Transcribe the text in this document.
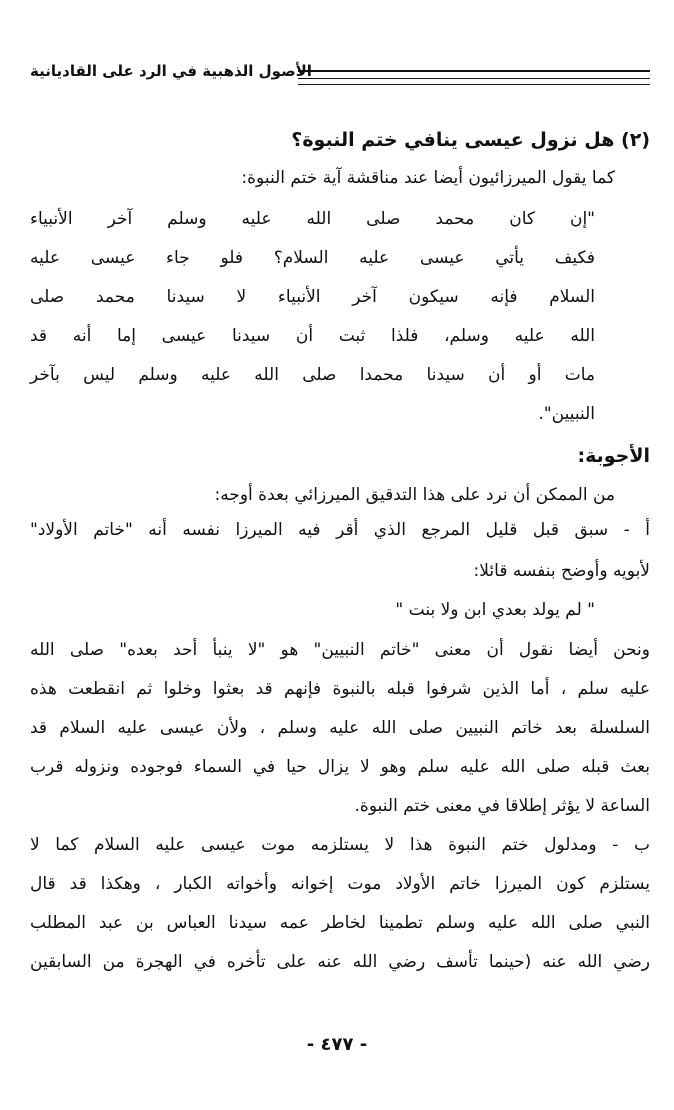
الأصول الذهبية في الرد على القاديانية
(٢) هل نزول عيسى ينافي ختم النبوة؟
كما يقول الميرزائيون أيضا عند مناقشة آية ختم النبوة:
"إن كان محمد صلى الله عليه وسلم آخر الأنبياء
فكيف يأتي عيسى عليه السلام؟ فلو جاء عيسى عليه
السلام فإنه سيكون آخر الأنبياء لا سيدنا محمد صلى
الله عليه وسلم، فلذا ثبت أن سيدنا عيسى إما أنه قد
مات أو أن سيدنا محمدا صلى الله عليه وسلم ليس بآخر
النبيين".
الأجوبة:
من الممكن أن نرد على هذا التدقيق الميرزائي بعدة أوجه:
أ - سبق قبل قليل المرجع الذي أقر فيه الميرزا نفسه أنه "خاتم الأولاد"
لأبويه وأوضح بنفسه قائلا:
" لم يولد بعدي ابن ولا بنت "
ونحن أيضا نقول أن معنى "خاتم النبيين" هو "لا ينبأ أحد بعده" صلى الله
عليه سلم ، أما الذين شرفوا قبله بالنبوة فإنهم قد بعثوا وخلوا ثم انقطعت هذه
السلسلة بعد خاتم النبيين صلى الله عليه وسلم ، ولأن عيسى عليه السلام قد
بعث قبله صلى الله عليه سلم وهو لا يزال حيا في السماء فوجوده ونزوله قرب
الساعة لا يؤثر إطلاقا في معنى ختم النبوة.
ب - ومدلول ختم النبوة هذا لا يستلزمه موت عيسى عليه السلام كما لا
يستلزم كون الميرزا خاتم الأولاد موت إخوانه وأخواته الكبار ، وهكذا قد قال
النبي صلى الله عليه وسلم تطمينا لخاطر عمه سيدنا العباس بن عبد المطلب
رضي الله عنه (حينما تأسف رضي الله عنه على تأخره في الهجرة من السابقين
- ٤٧٧ -
